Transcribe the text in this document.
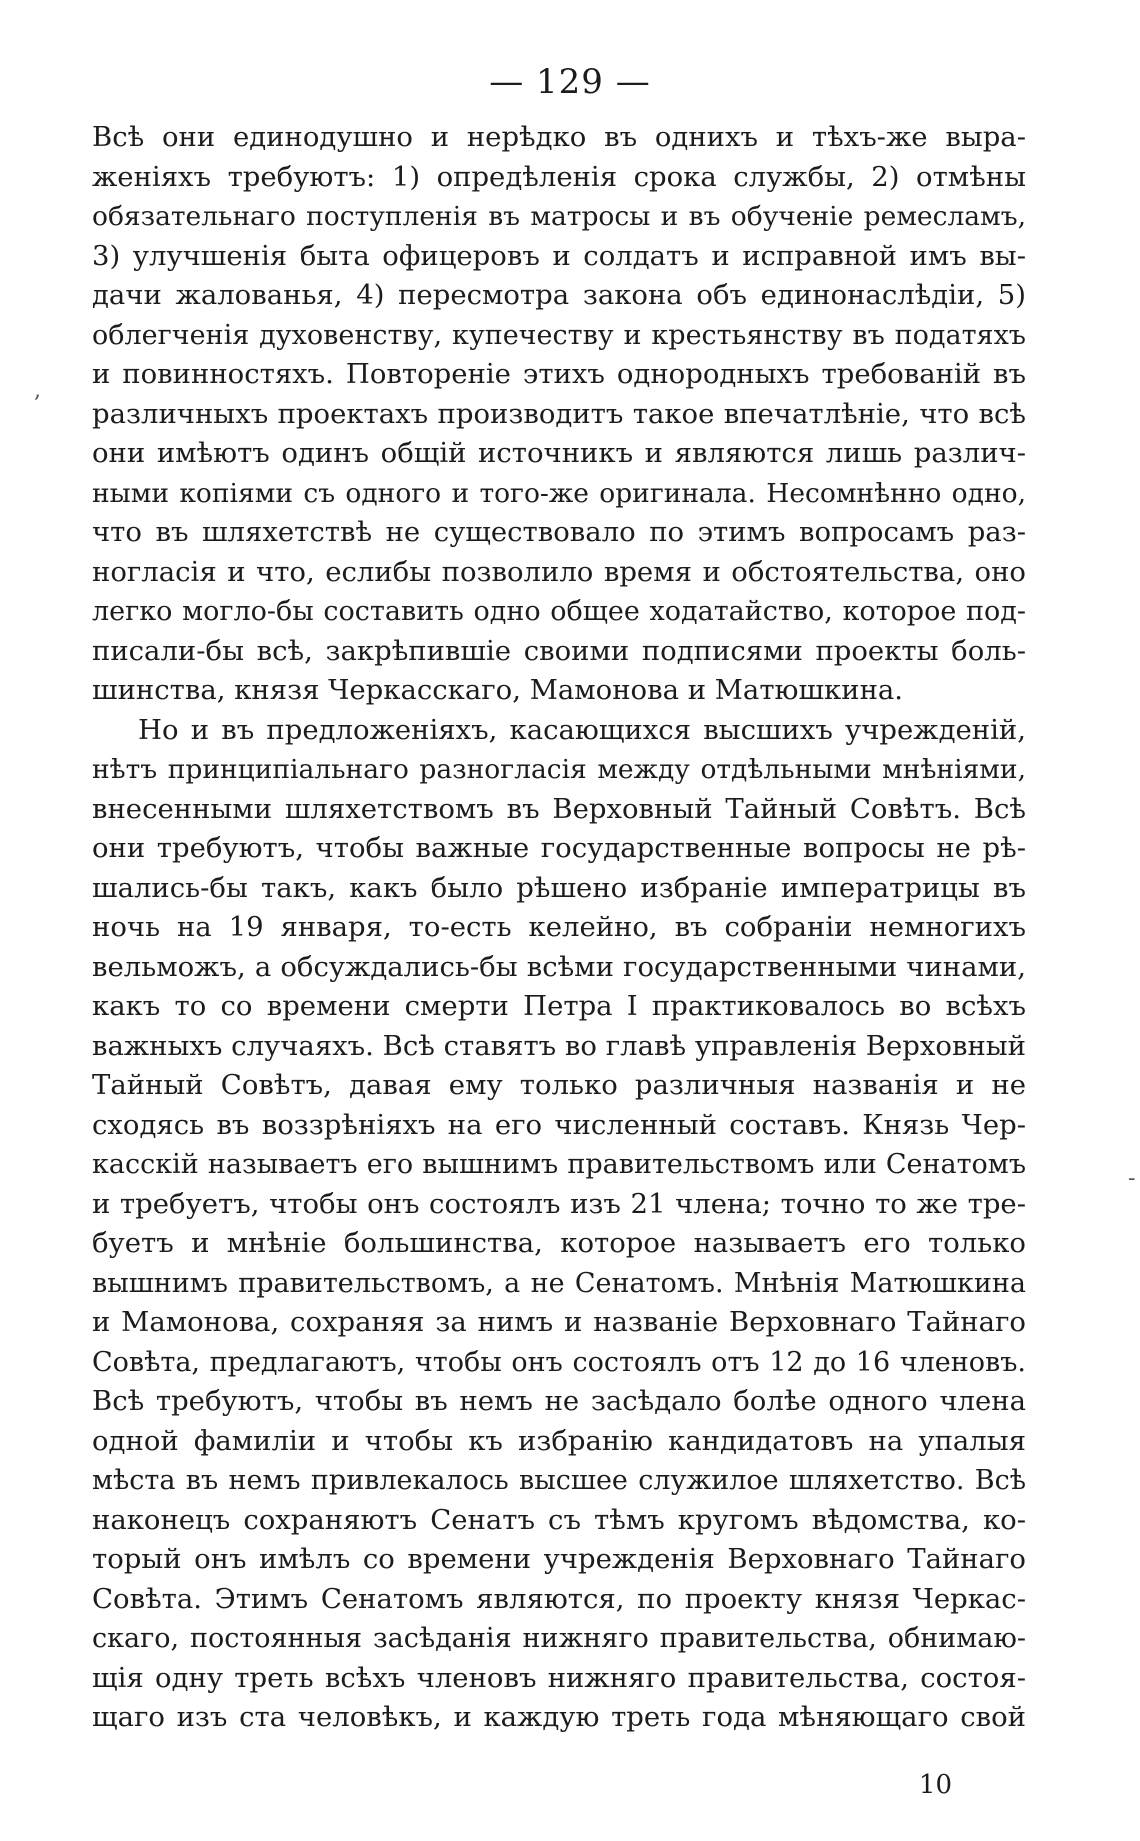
— 129 —
,
-
Всѣ они единодушно и нерѣдко въ однихъ и тѣхъ-же выра-
женіяхъ требуютъ: 1) опредѣленія срока службы, 2) отмѣны
обязательнаго поступленія въ матросы и въ обученіе ремесламъ,
3) улучшенія быта офицеровъ и солдатъ и исправной имъ вы-
дачи жалованья, 4) пересмотра закона объ единонаслѣдіи, 5)
облегченія духовенству, купечеству и крестьянству въ податяхъ
и повинностяхъ. Повтореніе этихъ однородныхъ требованій въ
различныхъ проектахъ производитъ такое впечатлѣніе, что всѣ
они имѣютъ одинъ общій источникъ и являются лишь различ-
ными копіями съ одного и того-же оригинала. Несомнѣнно одно,
что въ шляхетствѣ не существовало по этимъ вопросамъ раз-
ногласія и что, еслибы позволило время и обстоятельства, оно
легко могло-бы составить одно общее ходатайство, которое под-
писали-бы всѣ, закрѣпившіе своими подписями проекты боль-
шинства, князя Черкасскаго, Мамонова и Матюшкина.
Но и въ предложеніяхъ, касающихся высшихъ учрежденій,
нѣтъ принципіальнаго разногласія между отдѣльными мнѣніями,
внесенными шляхетствомъ въ Верховный Тайный Совѣтъ. Всѣ
они требуютъ, чтобы важные государственные вопросы не рѣ-
шались-бы такъ, какъ было рѣшено избраніе императрицы въ
ночь на 19 января, то-есть келейно, въ собраніи немногихъ
вельможъ, а обсуждались-бы всѣми государственными чинами,
какъ то со времени смерти Петра I практиковалось во всѣхъ
важныхъ случаяхъ. Всѣ ставятъ во главѣ управленія Верховный
Тайный Совѣтъ, давая ему только различныя названія и не
сходясь въ воззрѣніяхъ на его численный составъ. Князь Чер-
касскій называетъ его вышнимъ правительствомъ или Сенатомъ
и требуетъ, чтобы онъ состоялъ изъ 21 члена; точно то же тре-
буетъ и мнѣніе большинства, которое называетъ его только
вышнимъ правительствомъ, а не Сенатомъ. Мнѣнія Матюшкина
и Мамонова, сохраняя за нимъ и названіе Верховнаго Тайнаго
Совѣта, предлагаютъ, чтобы онъ состоялъ отъ 12 до 16 членовъ.
Всѣ требуютъ, чтобы въ немъ не засѣдало болѣе одного члена
одной фамиліи и чтобы къ избранію кандидатовъ на упалыя
мѣста въ немъ привлекалось высшее служилое шляхетство. Всѣ
наконецъ сохраняютъ Сенатъ съ тѣмъ кругомъ вѣдомства, ко-
торый онъ имѣлъ со времени учрежденія Верховнаго Тайнаго
Совѣта. Этимъ Сенатомъ являются, по проекту князя Черкас-
скаго, постоянныя засѣданія нижняго правительства, обнимаю-
щія одну треть всѣхъ членовъ нижняго правительства, состоя-
щаго изъ ста человѣкъ, и каждую треть года мѣняющаго свой
10
